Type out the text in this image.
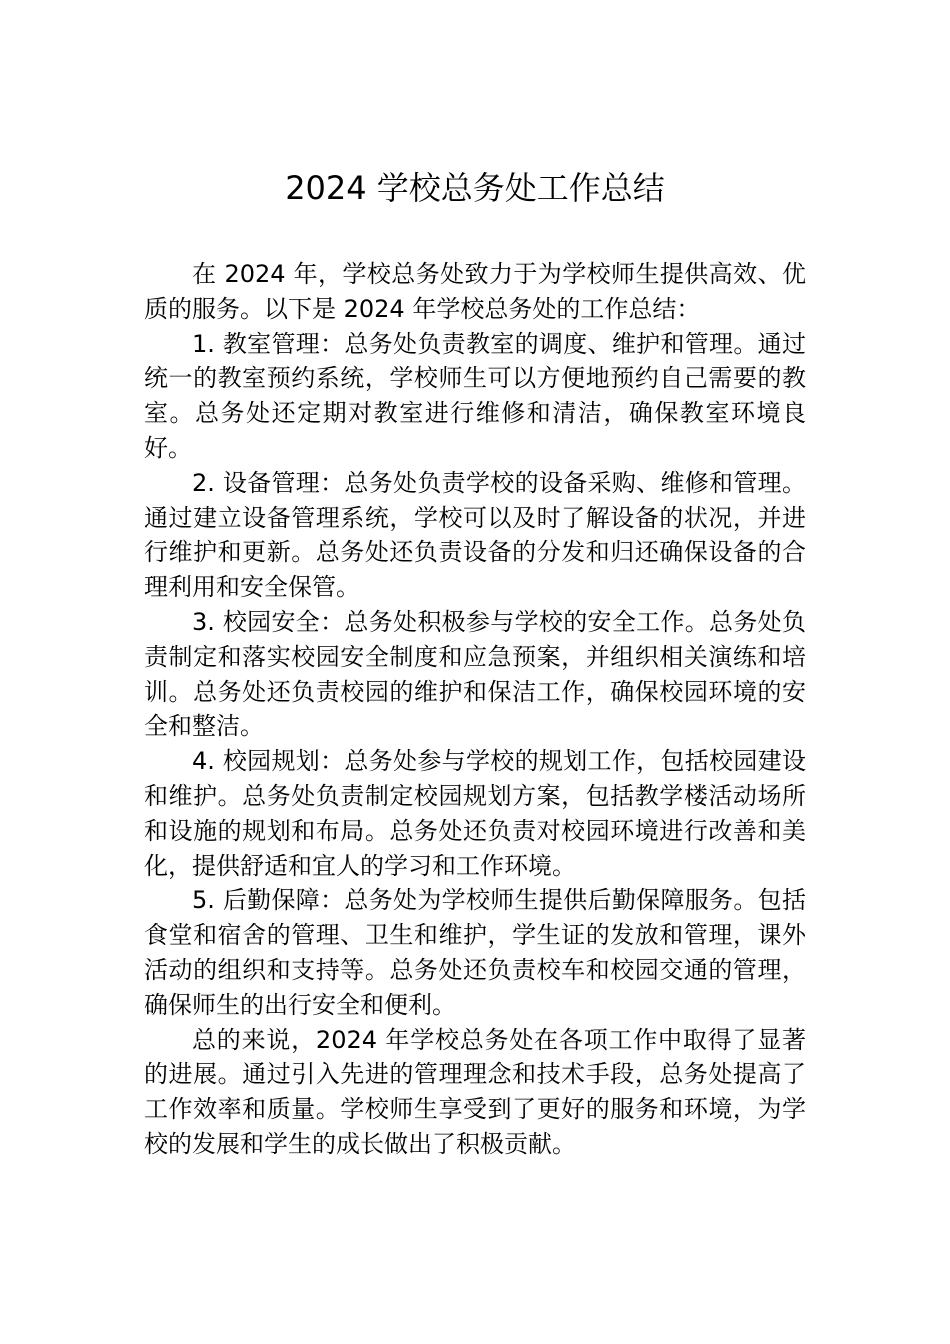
2024 学校总务处工作总结

在 2024 年，学校总务处致力于为学校师生提供高效、优质的服务。以下是 2024 年学校总务处的工作总结：

1. 教室管理：总务处负责教室的调度、维护和管理。通过统一的教室预约系统，学校师生可以方便地预约自己需要的教室。总务处还定期对教室进行维修和清洁，确保教室环境良好。

2. 设备管理：总务处负责学校的设备采购、维修和管理。通过建立设备管理系统，学校可以及时了解设备的状况，并进行维护和更新。总务处还负责设备的分发和归还确保设备的合理利用和安全保管。

3. 校园安全：总务处积极参与学校的安全工作。总务处负责制定和落实校园安全制度和应急预案，并组织相关演练和培训。总务处还负责校园的维护和保洁工作，确保校园环境的安全和整洁。

4. 校园规划：总务处参与学校的规划工作，包括校园建设和维护。总务处负责制定校园规划方案，包括教学楼活动场所和设施的规划和布局。总务处还负责对校园环境进行改善和美化，提供舒适和宜人的学习和工作环境。

5. 后勤保障：总务处为学校师生提供后勤保障服务。包括食堂和宿舍的管理、卫生和维护，学生证的发放和管理，课外活动的组织和支持等。总务处还负责校车和校园交通的管理，确保师生的出行安全和便利。

总的来说，2024 年学校总务处在各项工作中取得了显著的进展。通过引入先进的管理理念和技术手段，总务处提高了工作效率和质量。学校师生享受到了更好的服务和环境，为学校的发展和学生的成长做出了积极贡献。
